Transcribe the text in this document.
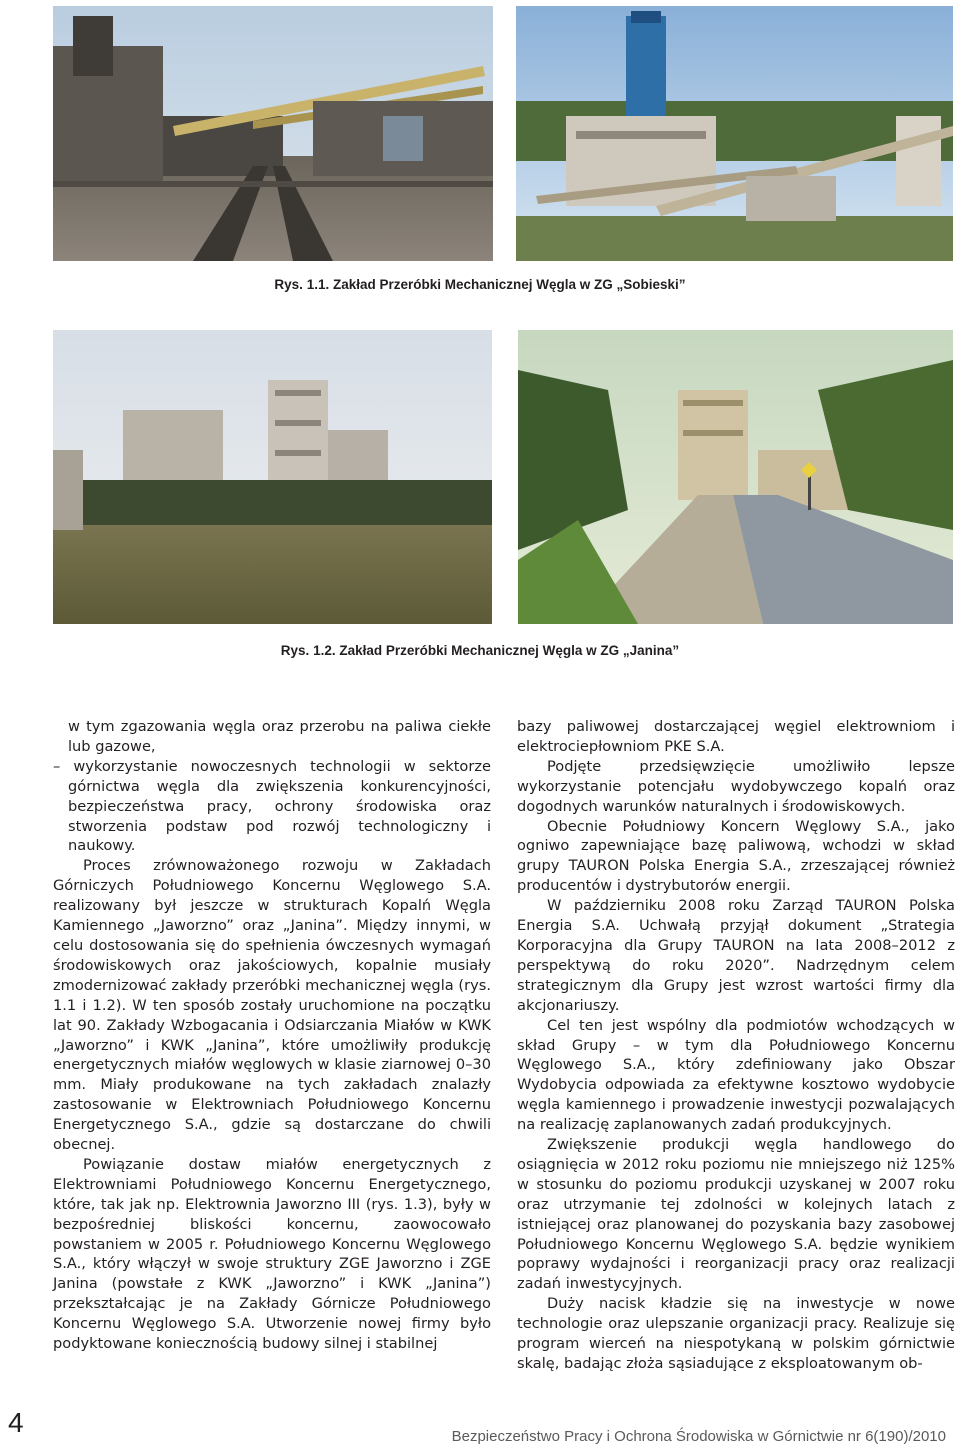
Rys. 1.1. Zakład Przeróbki Mechanicznej Węgla w ZG „Sobieski”
Rys. 1.2. Zakład Przeróbki Mechanicznej Węgla w ZG „Janina”

w tym zgazowania węgla oraz przerobu na paliwa ciekłe lub gazowe,

– wykorzystanie nowoczesnych technologii w sektorze górnictwa węgla dla zwiększenia konkurencyjności, bezpieczeństwa pracy, ochrony środowiska oraz stworzenia podstaw pod rozwój technologiczny i naukowy.

Proces zrównoważonego rozwoju w Zakładach Górniczych Południowego Koncernu Węglowego S.A. realizowany był jeszcze w strukturach Kopalń Węgla Kamiennego „Jaworzno” oraz „Janina”. Między innymi, w celu dostosowania się do spełnienia ówczesnych wymagań środowiskowych oraz jakościowych, kopalnie musiały zmodernizować zakłady przeróbki mechanicznej węgla (rys. 1.1 i 1.2). W ten sposób zostały uruchomione na początku lat 90. Zakłady Wzbogacania i Odsiarczania Miałów w KWK „Jaworzno” i KWK „Janina”, które umożliwiły produkcję energetycznych miałów węglowych w klasie ziarnowej 0–30 mm. Miały produkowane na tych zakładach znalazły zastosowanie w Elektrowniach Południowego Koncernu Energetycznego S.A., gdzie są dostarczane do chwili obecnej.

Powiązanie dostaw miałów energetycznych z Elektrowniami Południowego Koncernu Energetycznego, które, tak jak np. Elektrownia Jaworzno III (rys. 1.3), były w bezpośredniej bliskości koncernu, zaowocowało powstaniem w 2005 r. Południowego Koncernu Węglowego S.A., który włączył w swoje struktury ZGE Jaworzno i ZGE Janina (powstałe z KWK „Jaworzno” i KWK „Janina”) przekształcając je na Zakłady Górnicze Południowego Koncernu Węglowego S.A. Utworzenie nowej firmy było podyktowane koniecznością budowy silnej i stabilnej

bazy paliwowej dostarczającej węgiel elektrowniom i elektrociepłowniom PKE S.A.

Podjęte przedsięwzięcie umożliwiło lepsze wykorzystanie potencjału wydobywczego kopalń oraz dogodnych warunków naturalnych i środowiskowych.

Obecnie Południowy Koncern Węglowy S.A., jako ogniwo zapewniające bazę paliwową, wchodzi w skład grupy TAURON Polska Energia S.A., zrzeszającej również producentów i dystrybutorów energii.

W październiku 2008 roku Zarząd TAURON Polska Energia S.A. Uchwałą przyjął dokument „Strategia Korporacyjna dla Grupy TAURON na lata 2008–2012 z perspektywą do roku 2020”. Nadrzędnym celem strategicznym dla Grupy jest wzrost wartości firmy dla akcjonariuszy.

Cel ten jest wspólny dla podmiotów wchodzących w skład Grupy – w tym dla Południowego Koncernu Węglowego S.A., który zdefiniowany jako Obszar Wydobycia odpowiada za efektywne kosztowo wydobycie węgla kamiennego i prowadzenie inwestycji pozwalających na realizację zaplanowanych zadań produkcyjnych.

Zwiększenie produkcji węgla handlowego do osiągnięcia w 2012 roku poziomu nie mniejszego niż 125% w stosunku do poziomu produkcji uzyskanej w 2007 roku oraz utrzymanie tej zdolności w kolejnych latach z istniejącej oraz planowanej do pozyskania bazy zasobowej Południowego Koncernu Węglowego S.A. będzie wynikiem poprawy wydajności i reorganizacji pracy oraz realizacji zadań inwestycyjnych.

Duży nacisk kładzie się na inwestycje w nowe technologie oraz ulepszanie organizacji pracy. Realizuje się program wierceń na niespotykaną w polskim górnictwie skalę, badając złoża sąsiadujące z eksploatowanym ob-

4	Bezpieczeństwo Pracy i Ochrona Środowiska w Górnictwie nr 6(190)/2010
